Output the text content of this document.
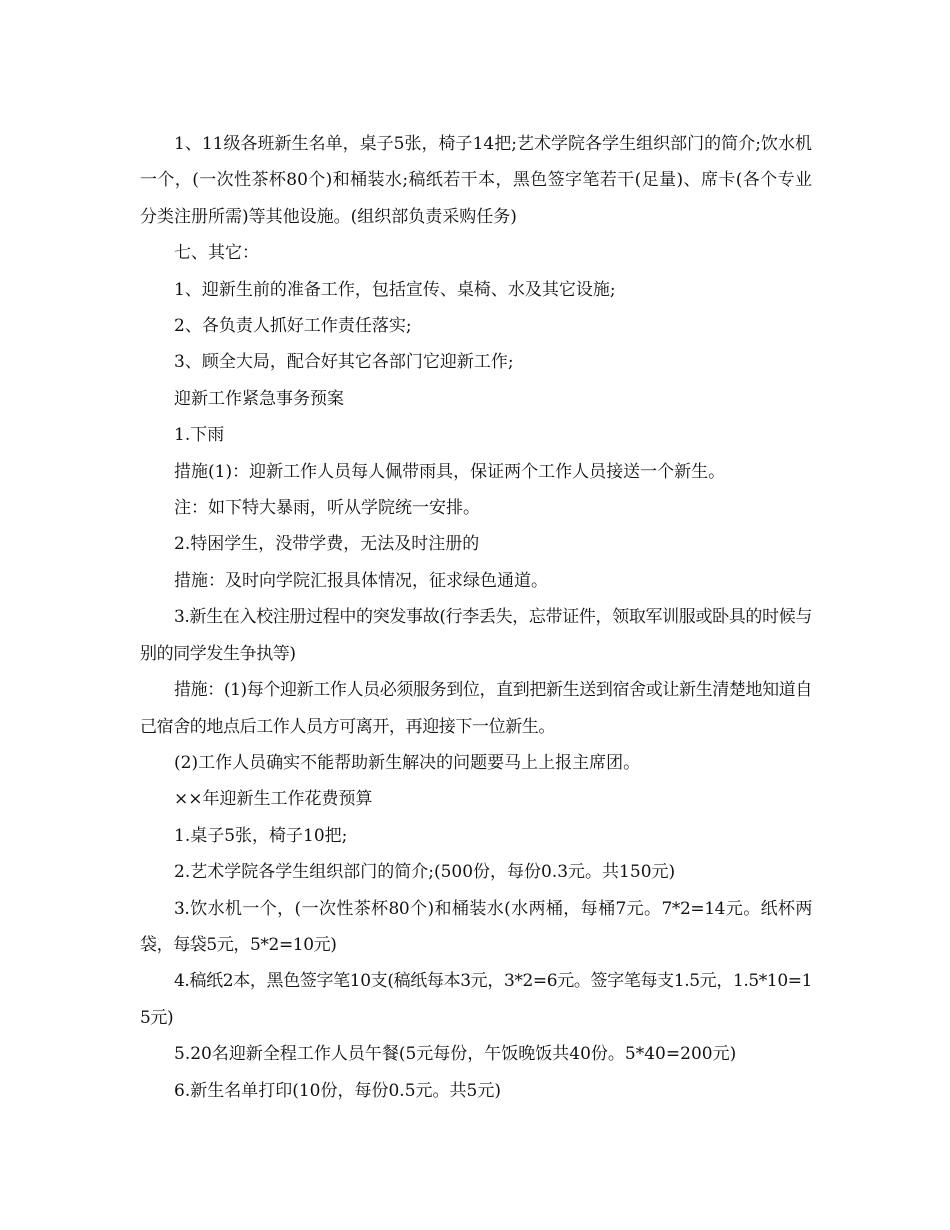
1、11级各班新生名单，桌子5张，椅子14把;艺术学院各学生组织部门的简介;饮水机一个，(一次性茶杯80个)和桶装水;稿纸若干本，黑色签字笔若干(足量)、席卡(各个专业分类注册所需)等其他设施。(组织部负责采购任务)

七、其它：

1、迎新生前的准备工作，包括宣传、桌椅、水及其它设施;

2、各负责人抓好工作责任落实;

3、顾全大局，配合好其它各部门它迎新工作;

迎新工作紧急事务预案

1.下雨

措施(1)：迎新工作人员每人佩带雨具，保证两个工作人员接送一个新生。

注：如下特大暴雨，听从学院统一安排。

2.特困学生，没带学费，无法及时注册的

措施：及时向学院汇报具体情况，征求绿色通道。

3.新生在入校注册过程中的突发事故(行李丢失，忘带证件，领取军训服或卧具的时候与别的同学发生争执等)

措施：(1)每个迎新工作人员必须服务到位，直到把新生送到宿舍或让新生清楚地知道自己宿舍的地点后工作人员方可离开，再迎接下一位新生。

(2)工作人员确实不能帮助新生解决的问题要马上上报主席团。

××年迎新生工作花费预算

1.桌子5张，椅子10把;

2.艺术学院各学生组织部门的简介;(500份，每份0.3元。共150元)

3.饮水机一个，(一次性茶杯80个)和桶装水(水两桶，每桶7元。7*2=14元。纸杯两袋，每袋5元，5*2=10元)

4.稿纸2本，黑色签字笔10支(稿纸每本3元，3*2=6元。签字笔每支1.5元，1.5*10=15元)

5.20名迎新全程工作人员午餐(5元每份，午饭晚饭共40份。5*40=200元)

6.新生名单打印(10份，每份0.5元。共5元)
